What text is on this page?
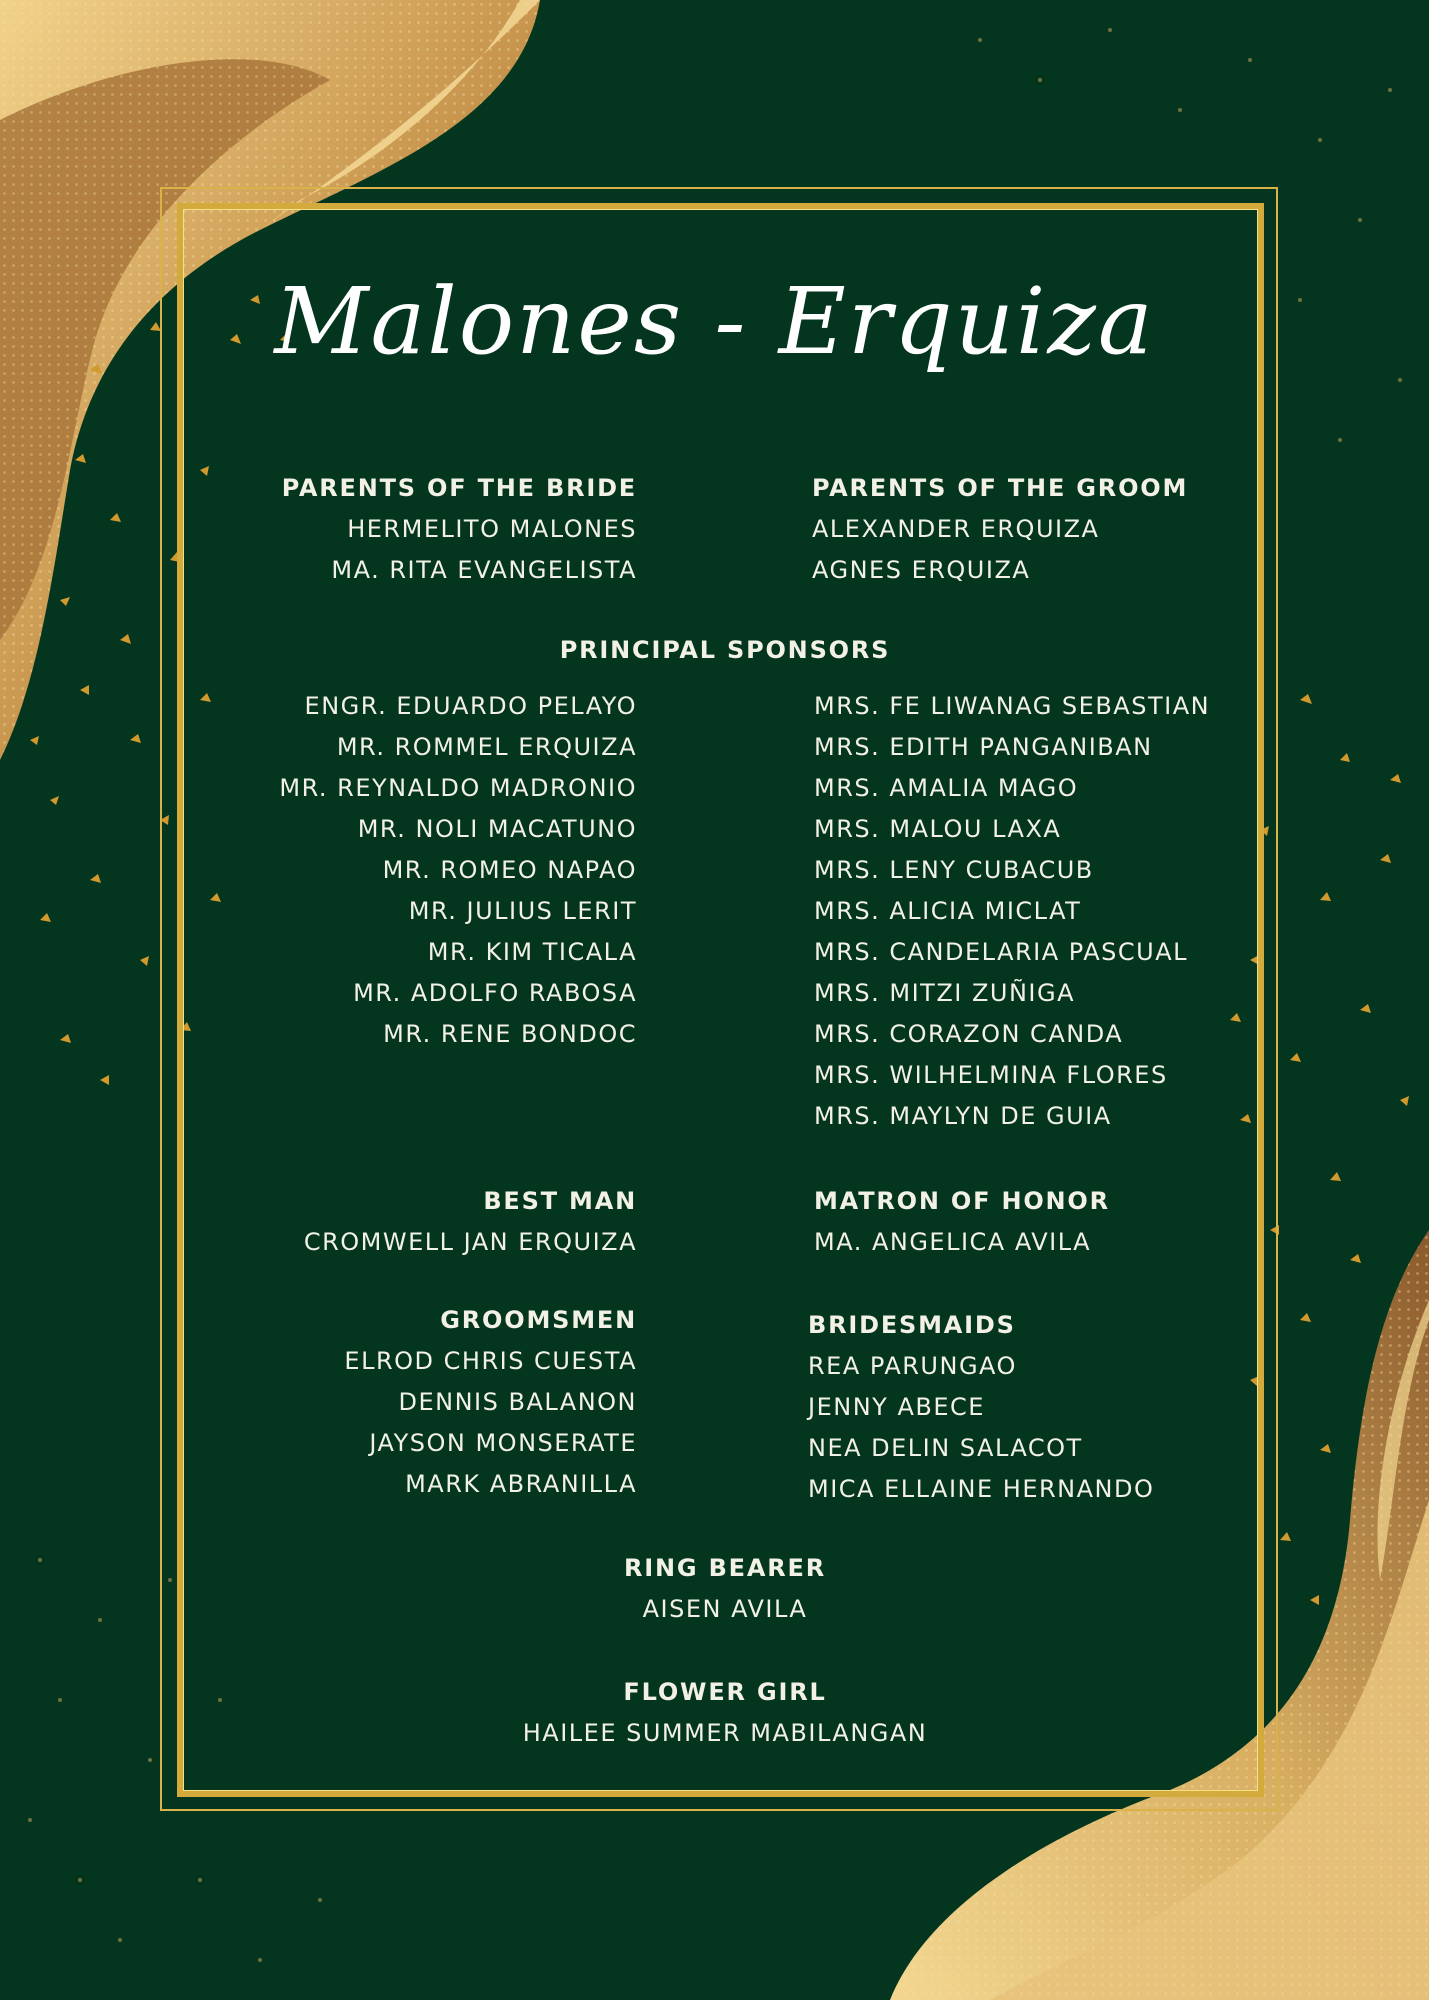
Malones - Erquiza
PARENTS OF THE BRIDE
HERMELITO MALONES
MA. RITA EVANGELISTA
PARENTS OF THE GROOM
ALEXANDER ERQUIZA
AGNES ERQUIZA
PRINCIPAL SPONSORS
ENGR. EDUARDO PELAYO
MR. ROMMEL ERQUIZA
MR. REYNALDO MADRONIO
MR. NOLI MACATUNO
MR. ROMEO NAPAO
MR. JULIUS LERIT
MR. KIM TICALA
MR. ADOLFO RABOSA
MR. RENE BONDOC
MRS. FE LIWANAG SEBASTIAN
MRS. EDITH PANGANIBAN
MRS. AMALIA MAGO
MRS. MALOU LAXA
MRS. LENY CUBACUB
MRS. ALICIA MICLAT
MRS. CANDELARIA PASCUAL
MRS. MITZI ZUÑIGA
MRS. CORAZON CANDA
MRS. WILHELMINA FLORES
MRS. MAYLYN DE GUIA
BEST MAN
CROMWELL JAN ERQUIZA
MATRON OF HONOR
MA. ANGELICA AVILA
GROOMSMEN
ELROD CHRIS CUESTA
DENNIS BALANON
JAYSON MONSERATE
MARK ABRANILLA
BRIDESMAIDS
REA PARUNGAO
JENNY ABECE
NEA DELIN SALACOT
MICA ELLAINE HERNANDO
RING BEARER
AISEN AVILA
FLOWER GIRL
HAILEE SUMMER MABILANGAN
